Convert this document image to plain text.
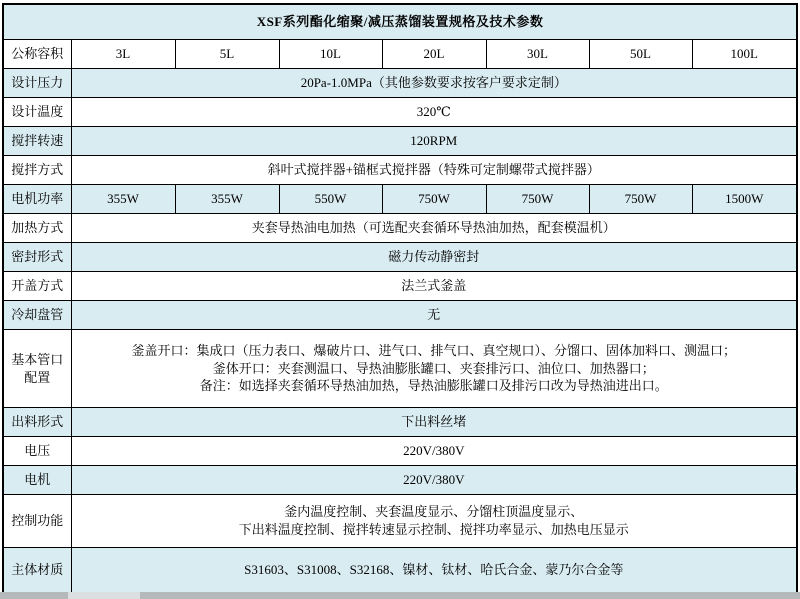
XSF系列酯化缩聚/减压蒸馏装置规格及技术参数							
公称容积	3L	5L	10L	20L	30L	50L	100L
设计压力	20Pa-1.0MPa（其他参数要求按客户要求定制）						
设计温度	320℃						
搅拌转速	120RPM						
搅拌方式	斜叶式搅拌器+锚框式搅拌器（特殊可定制螺带式搅拌器）						
电机功率	355W	355W	550W	750W	750W	750W	1500W
加热方式	夹套导热油电加热（可选配夹套循环导热油加热，配套模温机）						
密封形式	磁力传动静密封						
开盖方式	法兰式釜盖						
冷却盘管	无						
基本管口配置	釜盖开口：集成口（压力表口、爆破片口、进气口、排气口、真空规口）、分馏口、固体加料口、测温口；
釜体开口：夹套测温口、导热油膨胀罐口、夹套排污口、油位口、加热器口；
备注：如选择夹套循环导热油加热，导热油膨胀罐口及排污口改为导热油进出口。						

出料形式	下出料丝堵						
电压	220V/380V						
电机	220V/380V						
控制功能	釜内温度控制、夹套温度显示、分馏柱顶温度显示、
下出料温度控制、搅拌转速显示控制、搅拌功率显示、加热电压显示						

主体材质	S31603、S31008、S32168、镍材、钛材、哈氏合金、蒙乃尔合金等						
